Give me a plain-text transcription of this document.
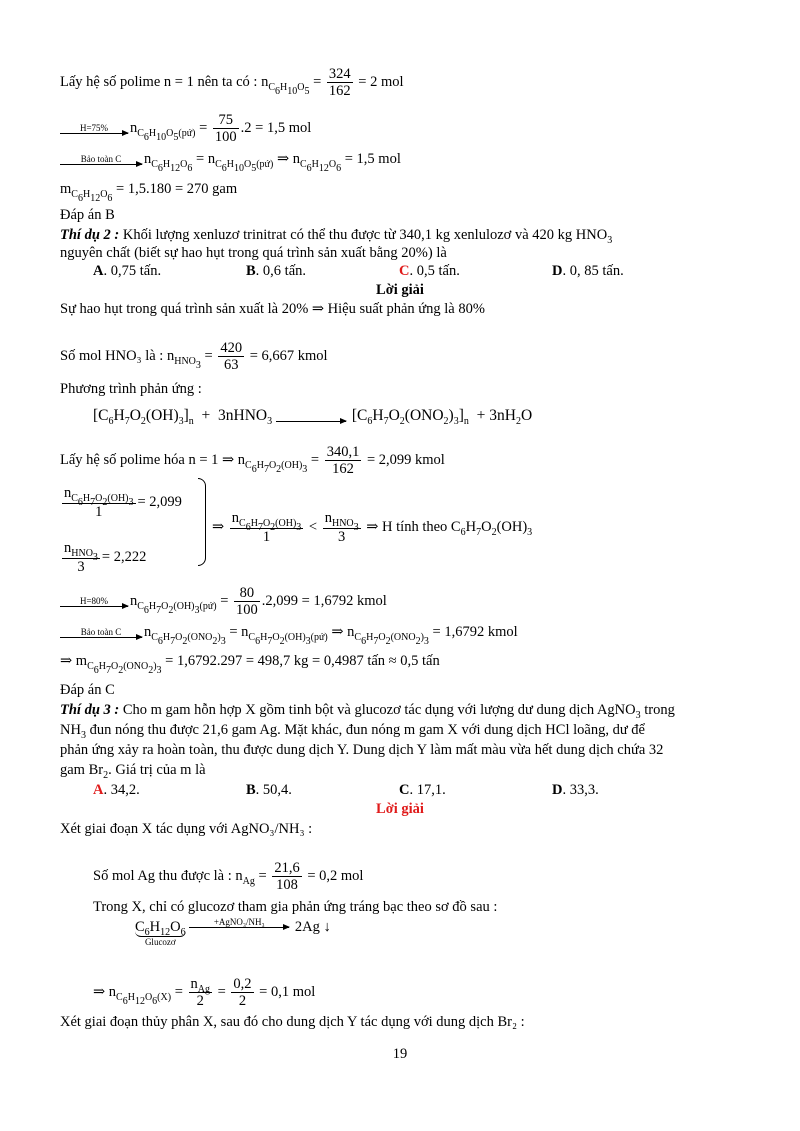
Lấy hệ số polime n = 1 nên ta có : $n_{C_6H_{10}O_5} = \frac{324}{162} = 2$ mol
H=75%	$n_{C_6H_{10}O_5(pứ)} = \frac{75}{100} .2 = 1,5$ mol
Bảo toàn C	$n_{C_6H_{12}O_6} = n_{C_6H_{10}O_5(pứ)}$ ⇒ $n_{C_6H_{12}O_6} = 1,5$ mol
$m_{C_6H_{12}O_6} = 1,5.180 = 270$ gam
Đáp án B
Thí dụ 2 : Khối lượng xenluzơ trinitrat có thể thu được từ 340,1 kg xenlulozơ và 420 kg $HNO_3$
nguyên chất (biết sự hao hụt trong quá trình sản xuất bằng 20%) là
A. 0,75 tấn.	B. 0,6 tấn.	C. 0,5 tấn.	D. 0, 85 tấn.
Lời giải
Sự hao hụt trong quá trình sản xuất là 20% ⇒ Hiệu suất phản ứng là 80%
Số mol HNO₃ là : $n_{HNO_3} = \frac{420}{63} = 6,667$ kmol
Phương trình phản ứng :
$[C_6H_7O_2(OH)_3]_n$  +  3nHNO$_3$
	$[C_6H_7O_2(ONO_2)_3]_n + 3nH_2O$
Lấy hệ số polime hóa n = 1 ⇒ $n_{C_6H_7O_2(OH)_3} = \frac{340,1}{162} = 2,099$ kmol
$\frac{n_{C_6H_7O_2(OH)_3}}{1} = 2,099$
$\frac{n_{HNO_3}}{3} = 2,222$
⇒ $\frac{n_{C_6H_7O_2(OH)_3}}{1} < \frac{n_{HNO_3}}{3}$ ⇒ H tính theo $C_6H_7O_2(OH)_3$
H=80%	$n_{C_6H_7O_2(OH)_3(pứ)} = \frac{80}{100} .2,099 = 1,6792$ kmol
Bảo toàn C	$n_{C_6H_7O_2(ONO_2)_3} = n_{C_6H_7O_2(OH)_3(pứ)}$ ⇒ $n_{C_6H_7O_2(ONO_2)_3} = 1,6792$ kmol
⇒ $m_{C_6H_7O_2(ONO_2)_3} = 1,6792.297 = 498,7$ kg = 0,4987 tấn ≈ 0,5 tấn
Đáp án C
Thí dụ 3 : Cho m gam hỗn hợp X gồm tinh bột và glucozơ tác dụng với lượng dư dung dịch AgNO$_3$ trong
$NH_3$ đun nóng thu được 21,6 gam Ag. Mặt khác, đun nóng m gam X với dung dịch HCl loãng, dư để
phản ứng xảy ra hoàn toàn, thu được dung dịch Y. Dung dịch Y làm mất màu vừa hết dung dịch chứa 32
gam $Br_2$. Giá trị của m là
A. 34,2.	B. 50,4.	C. 17,1.	D. 33,3.
Lời giải
Xét giai đoạn X tác dụng với AgNO₃/NH₃ :
Số mol Ag thu được là : $n_{Ag} = \frac{21,6}{108} = 0,2$ mol
Trong X, chỉ có glucozơ tham gia phản ứng tráng bạc theo sơ đồ sau :
$C_6H_{12}O_6$
Glucozơ

+AgNO₃/NH₃	2Ag ↓
⇒ $n_{C_6H_{12}O_6(X)} = \frac{n_{Ag}}{2} = \frac{0,2}{2} = 0,1$ mol
Xét giai đoạn thủy phân X, sau đó cho dung dịch Y tác dụng với dung dịch Br₂ :
19
